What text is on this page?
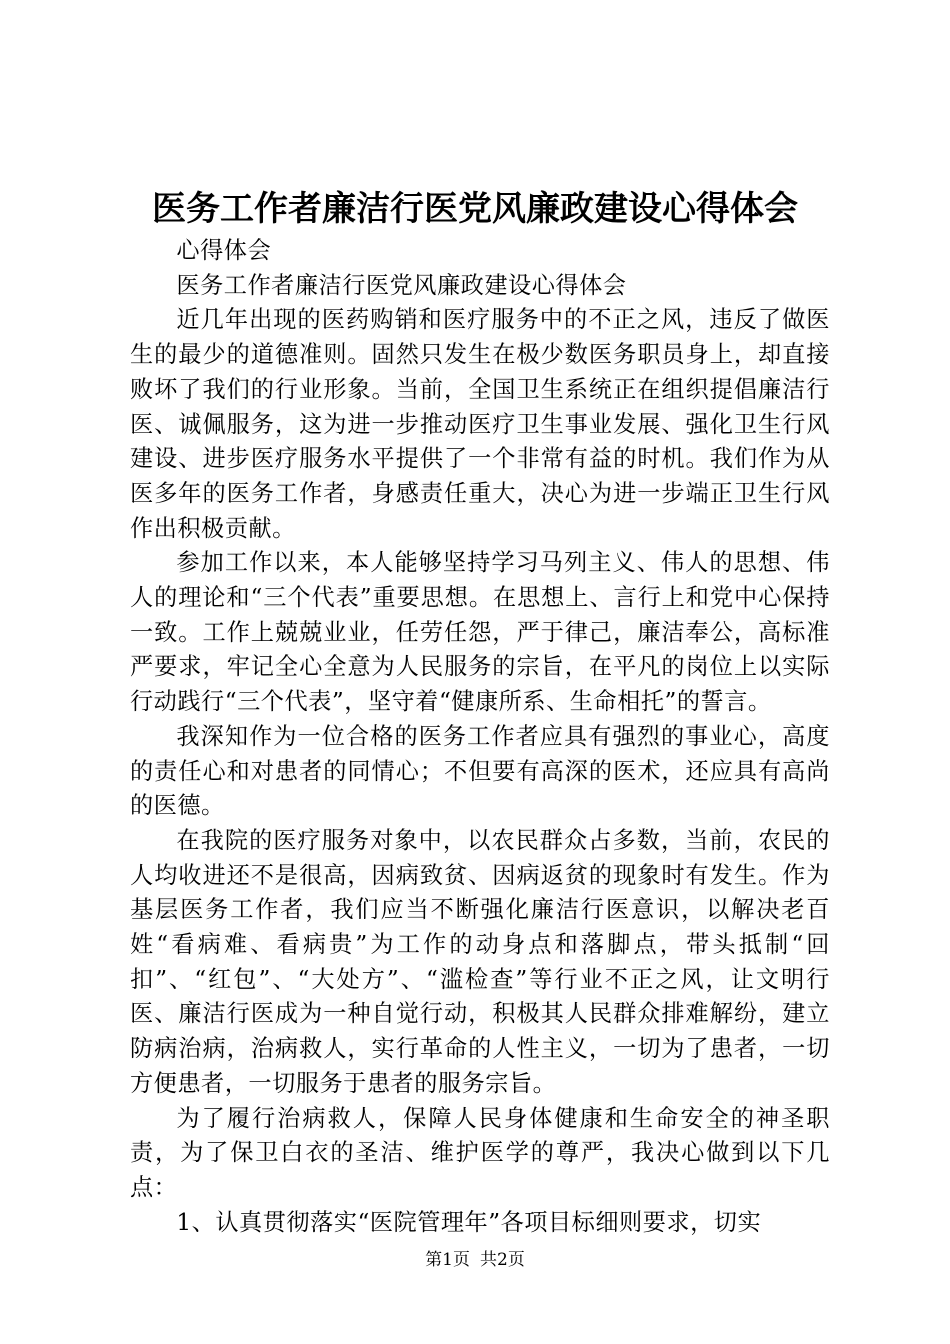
医务工作者廉洁行医党风廉政建设心得体会

心得体会

医务工作者廉洁行医党风廉政建设心得体会

近几年出现的医药购销和医疗服务中的不正之风，违反了做医生的最少的道德准则。固然只发生在极少数医务职员身上，却直接败坏了我们的行业形象。当前，全国卫生系统正在组织提倡廉洁行医、诚佩服务，这为进一步推动医疗卫生事业发展、强化卫生行风建设、进步医疗服务水平提供了一个非常有益的时机。我们作为从医多年的医务工作者，身感责任重大，决心为进一步端正卫生行风作出积极贡献。

参加工作以来，本人能够坚持学习马列主义、伟人的思想、伟人的理论和“三个代表”重要思想。在思想上、言行上和党中心保持一致。工作上兢兢业业，任劳任怨，严于律己，廉洁奉公，高标准严要求，牢记全心全意为人民服务的宗旨，在平凡的岗位上以实际行动践行“三个代表”，坚守着“健康所系、生命相托”的誓言。

我深知作为一位合格的医务工作者应具有强烈的事业心，高度的责任心和对患者的同情心；不但要有高深的医术，还应具有高尚的医德。

在我院的医疗服务对象中，以农民群众占多数，当前，农民的人均收进还不是很高，因病致贫、因病返贫的现象时有发生。作为基层医务工作者，我们应当不断强化廉洁行医意识，以解决老百姓“看病难、看病贵”为工作的动身点和落脚点，带头抵制“回扣”、“红包”、“大处方”、“滥检查”等行业不正之风，让文明行医、廉洁行医成为一种自觉行动，积极其人民群众排难解纷，建立防病治病，治病救人，实行革命的人性主义，一切为了患者，一切方便患者，一切服务于患者的服务宗旨。

为了履行治病救人，保障人民身体健康和生命安全的神圣职责，为了保卫白衣的圣洁、维护医学的尊严，我决心做到以下几点：

1、认真贯彻落实“医院管理年”各项目标细则要求，切实

第1页 共2页
